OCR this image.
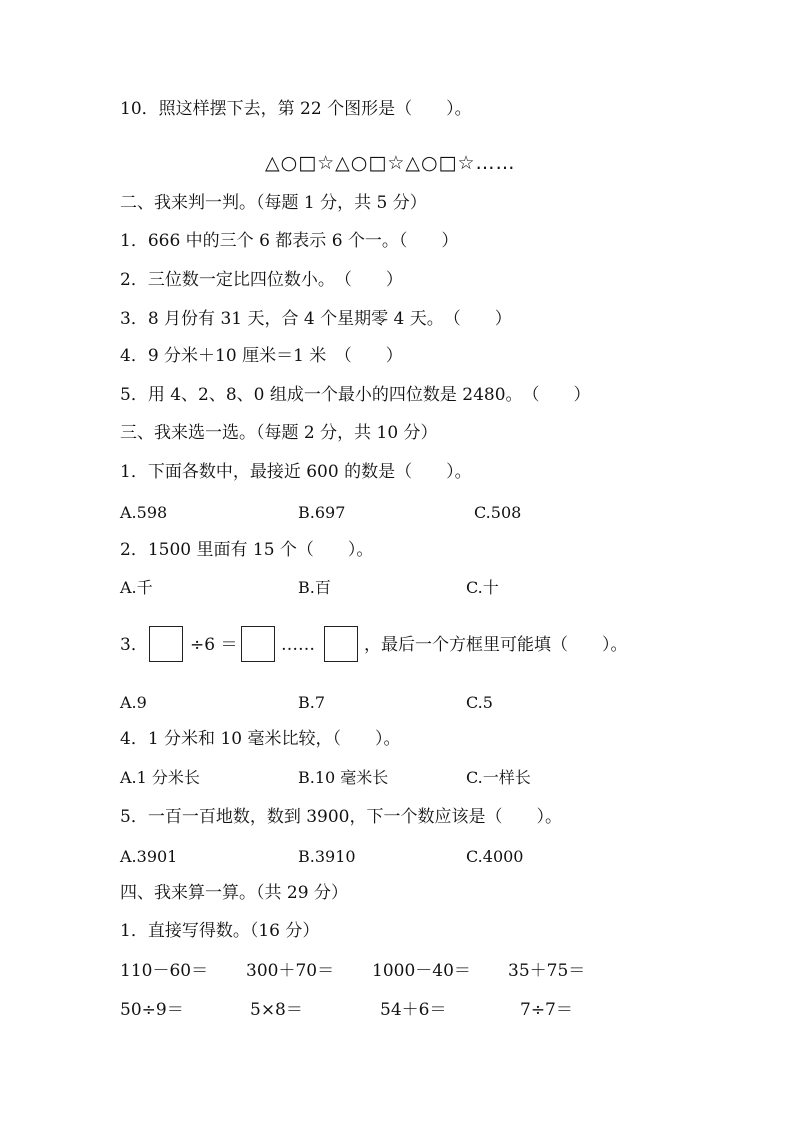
10．照这样摆下去，第 22 个图形是（　　）。
△○□☆△○□☆△○□☆……
二、我来判一判。（每题 1 分，共 5 分）
1．666 中的三个 6 都表示 6 个一。（　　）
2．三位数一定比四位数小。　（　　）
3．8 月份有 31 天，合 4 个星期零 4 天。　（　　）
4．9 分米＋10 厘米＝1 米　（　　）
5．用 4、2、8、0 组成一个最小的四位数是 2480。　（　　）
三、我来选一选。（每题 2 分，共 10 分）
1．下面各数中，最接近 600 的数是（　　）。
A.598	B.697	C.508
2．1500 里面有 15 个（　　）。
A.千	B.百	C.十
3． ÷6 ＝	……	，最后一个方框里可能填（　　）。
A.9	B.7	C.5
4．1 分米和 10 毫米比较，（　　）。
A.1 分米长	B.10 毫米长	C.一样长
5．一百一百地数，数到 3900，下一个数应该是（　　）。
A.3901	B.3910	C.4000
四、我来算一算。（共 29 分）
1．直接写得数。（16 分）
110－60＝ 300＋70＝ 1000－40＝ 35＋75＝
50÷9＝	5×8＝	54＋6＝	7÷7＝
